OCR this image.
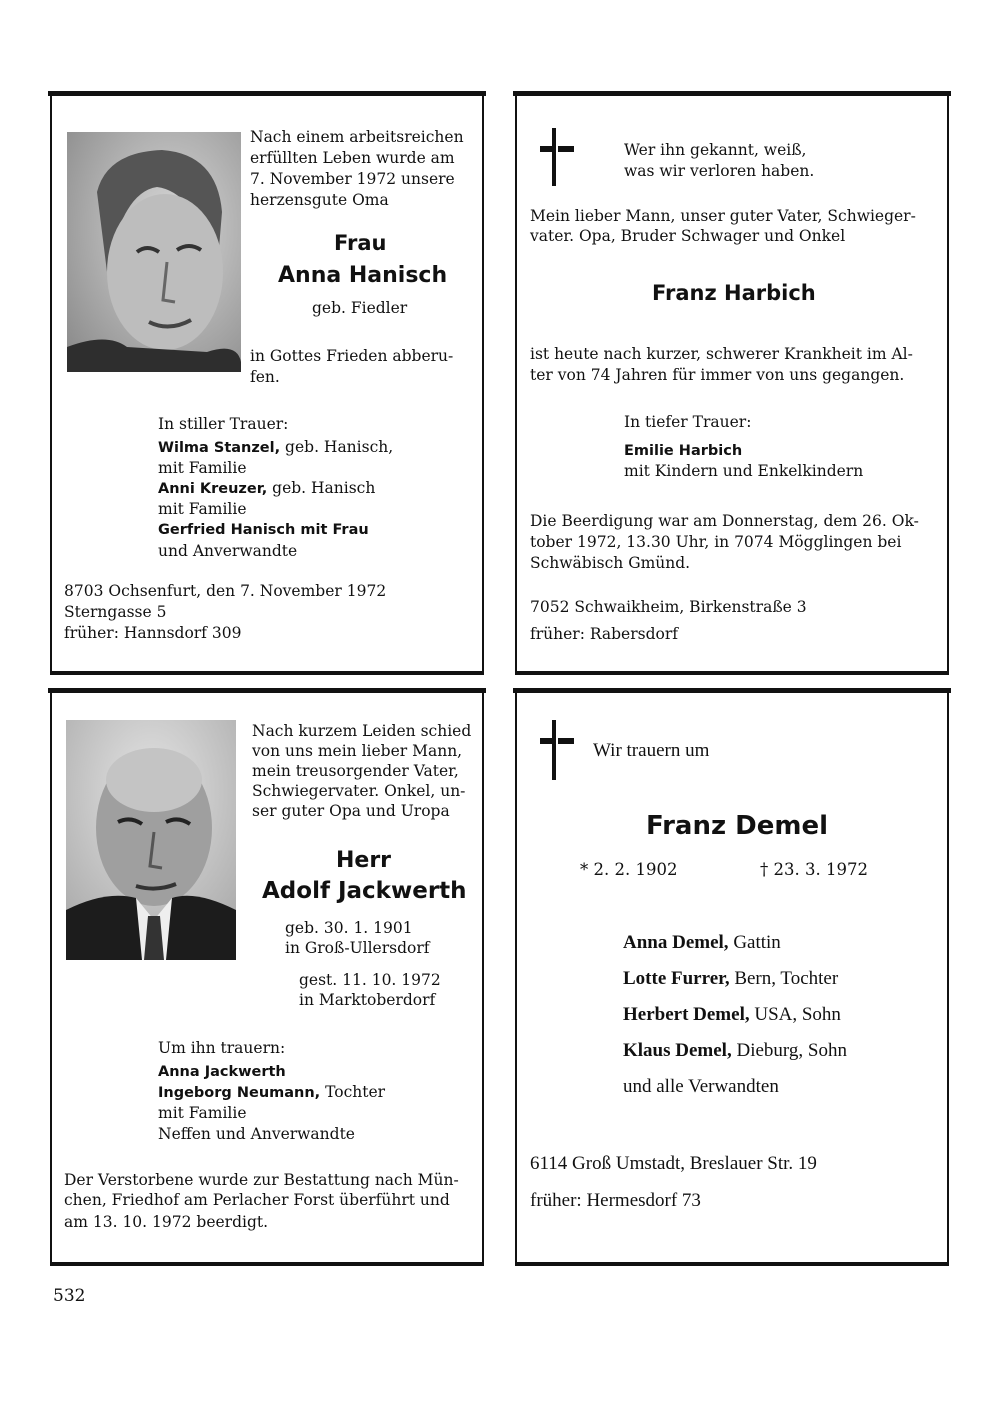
Nach einem arbeitsreichen
erfüllten Leben wurde am
7. November 1972 unsere
herzensgute Oma
Frau
Anna Hanisch
geb. Fiedler
in Gottes Frieden abberu-
fen.
In stiller Trauer:
Wilma Stanzel, geb. Hanisch,
mit Familie
Anni Kreuzer, geb. Hanisch
mit Familie
Gerfried Hanisch mit Frau
und Anverwandte
8703 Ochsenfurt, den 7. November 1972
Sterngasse 5
früher: Hannsdorf 309
Wer ihn gekannt, weiß,
was wir verloren haben.
Mein lieber Mann, unser guter Vater, Schwieger-
vater. Opa, Bruder Schwager und Onkel
Franz Harbich
ist heute nach kurzer, schwerer Krankheit im Al-
ter von 74 Jahren für immer von uns gegangen.
In tiefer Trauer:
Emilie Harbich
mit Kindern und Enkelkindern
Die Beerdigung war am Donnerstag, dem 26. Ok-
tober 1972, 13.30 Uhr, in 7074 Mögglingen bei
Schwäbisch Gmünd.
7052 Schwaikheim, Birkenstraße 3
früher: Rabersdorf
Nach kurzem Leiden schied
von uns mein lieber Mann,
mein treusorgender Vater,
Schwiegervater. Onkel, un-
ser guter Opa und Uropa
Herr
Adolf Jackwerth
geb. 30. 1. 1901
in Groß-Ullersdorf
gest. 11. 10. 1972
in Marktoberdorf
Um ihn trauern:
Anna Jackwerth
Ingeborg Neumann, Tochter
mit Familie
Neffen und Anverwandte
Der Verstorbene wurde zur Bestattung nach Mün-
chen, Friedhof am Perlacher Forst überführt und
am 13. 10. 1972 beerdigt.
Wir trauern um
Franz Demel
* 2. 2. 1902	† 23. 3. 1972
Anna Demel, Gattin
Lotte Furrer, Bern, Tochter
Herbert Demel, USA, Sohn
Klaus Demel, Dieburg, Sohn
und alle Verwandten
6114 Groß Umstadt, Breslauer Str. 19
früher: Hermesdorf 73
532
